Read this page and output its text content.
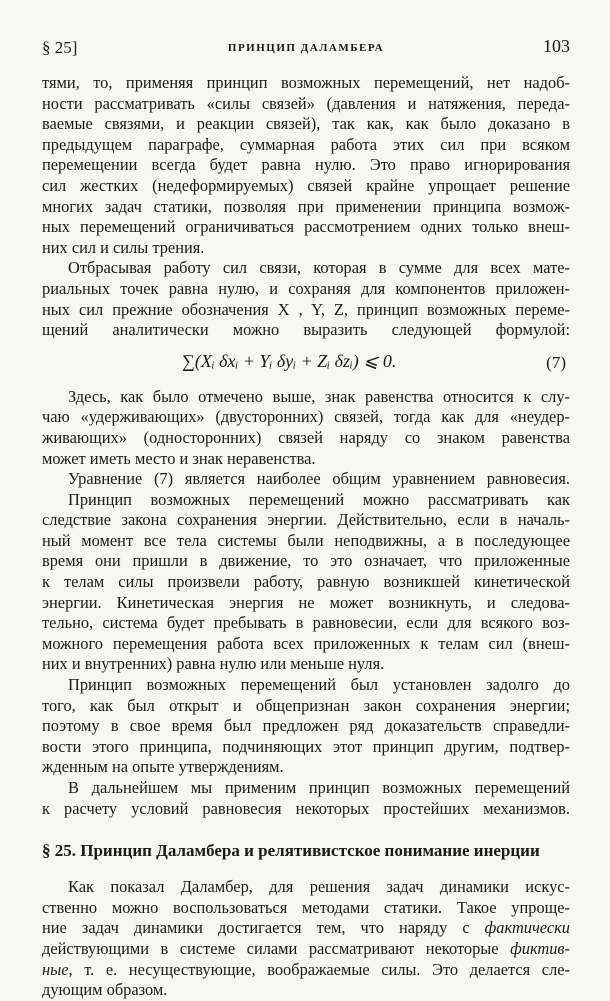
§ 25]	ПРИНЦИП ДАЛАМБЕРА	103
тями, то, применяя принцип возможных перемещений, нет надоб-
ности рассматривать «силы связей» (давления и натяжения, переда-
ваемые связями, и реакции связей), так как, как было доказано в
предыдущем параграфе, суммарная работа этих сил при всяком
перемещении всегда будет равна нулю. Это право игнорирования
сил жестких (недеформируемых) связей крайне упрощает решение
многих задач статики, позволяя при применении принципа возмож-
ных перемещений ограничиваться рассмотрением одних только внеш-
них сил и силы трения.
Отбрасывая работу сил связи, которая в сумме для всех мате-
риальных точек равна нулю, и сохраняя для компонентов приложен-
ных сил прежние обозначения X , Y, Z, принцип возможных переме-
щений аналитически можно выразить следующей формулой:
∑(Xᵢ δxᵢ + Yᵢ δyᵢ + Zᵢ δzᵢ) ⩽ 0.	(7)
Здесь, как было отмечено выше, знак равенства относится к слу-
чаю «удерживающих» (двусторонних) связей, тогда как для «неудер-
живающих» (односторонних) связей наряду со знаком равенства
может иметь место и знак неравенства.
Уравнение (7) является наиболее общим уравнением равновесия.
Принцип возможных перемещений можно рассматривать как
следствие закона сохранения энергии. Действительно, если в началь-
ный момент все тела системы были неподвижны, а в последующее
время они пришли в движение, то это означает, что приложенные
к телам силы произвели работу, равную возникшей кинетической
энергии. Кинетическая энергия не может возникнуть, и следова-
тельно, система будет пребывать в равновесии, если для всякого воз-
можного перемещения работа всех приложенных к телам сил (внеш-
них и внутренних) равна нулю или меньше нуля.
Принцип возможных перемещений был установлен задолго до
того, как был открыт и общепризнан закон сохранения энергии;
поэтому в свое время был предложен ряд доказательств справедли-
вости этого принципа, подчиняющих этот принцип другим, подтвер-
жденным на опыте утверждениям.
В дальнейшем мы применим принцип возможных перемещений
к расчету условий равновесия некоторых простейших механизмов.
§ 25. Принцип Даламбера и релятивистское понимание инерции
Как показал Даламбер, для решения задач динамики искус-
ственно можно воспользоваться методами статики. Такое упроще-
ние задач динамики достигается тем, что наряду с фактически
действующими в системе силами рассматривают некоторые фиктив-
ные, т. е. несуществующие, воображаемые силы. Это делается сле-
дующим образом.
